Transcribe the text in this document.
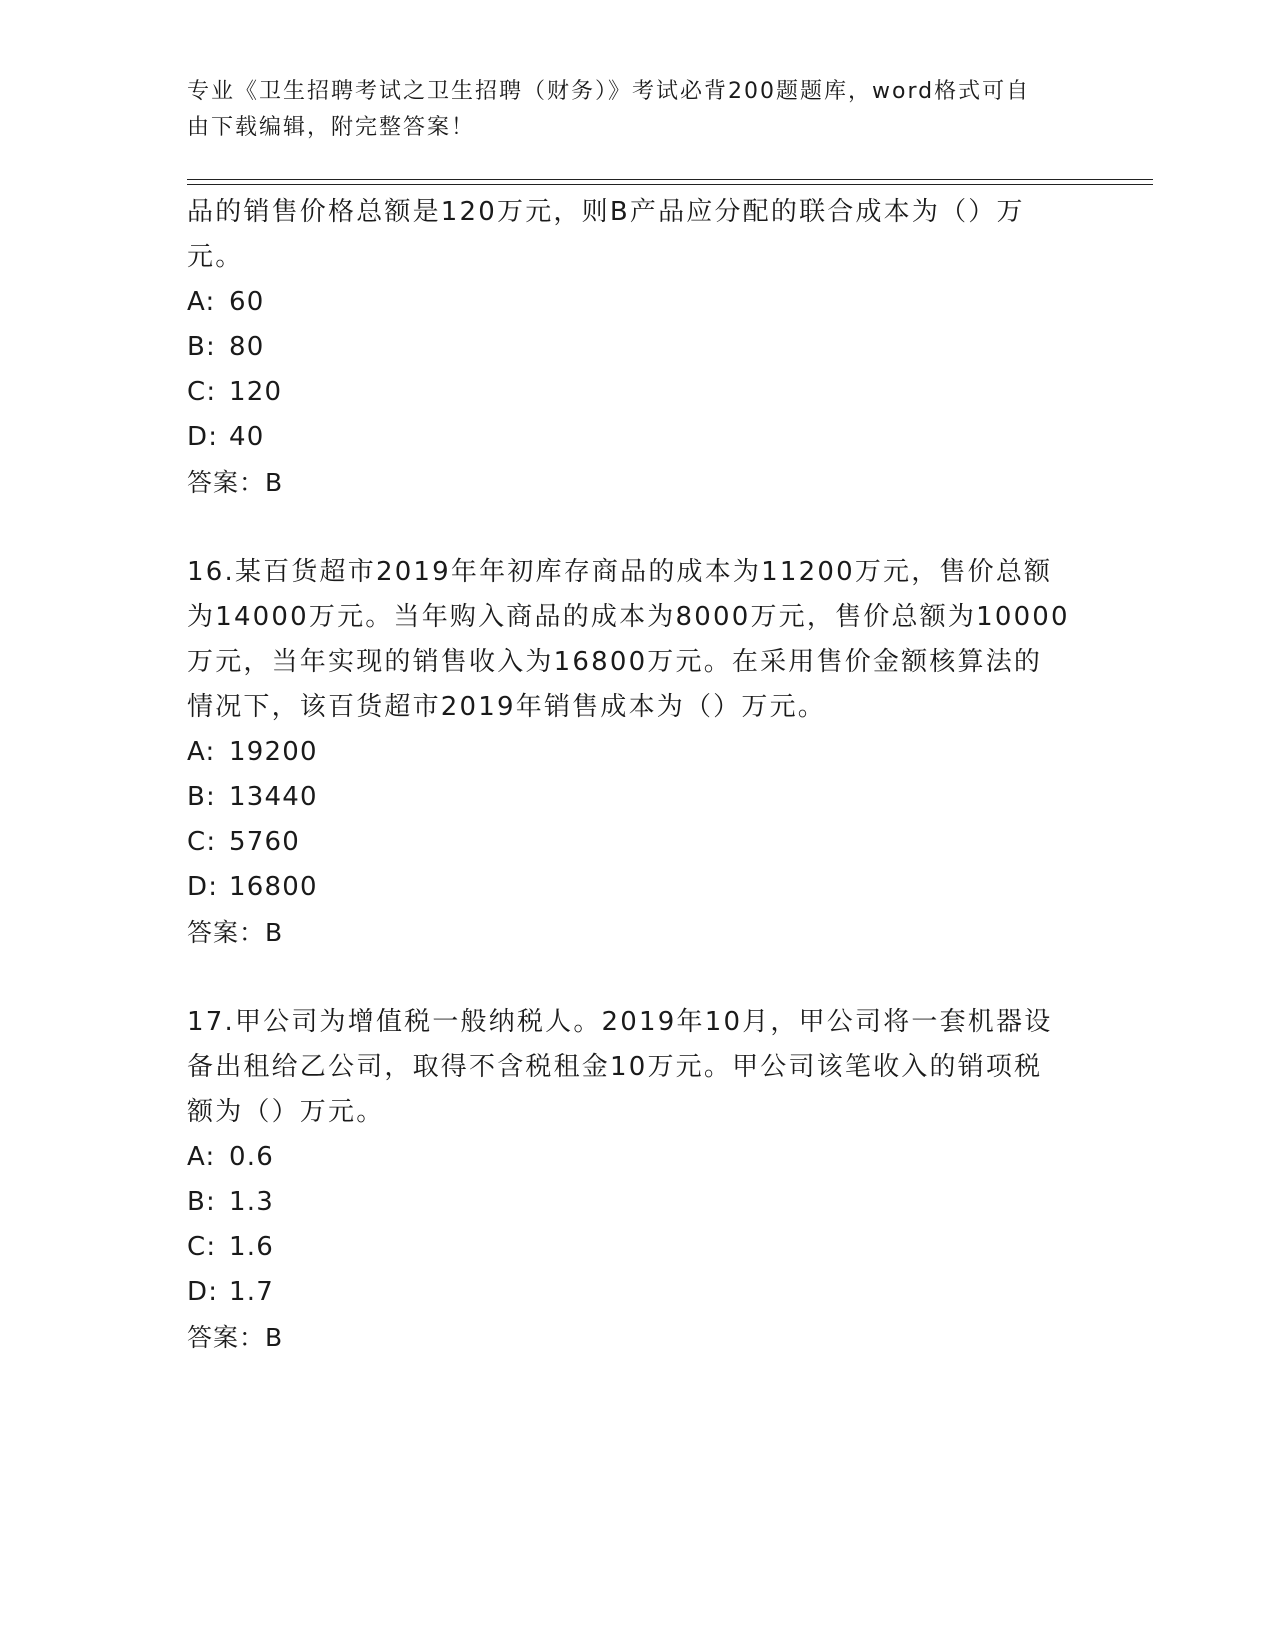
专业《卫生招聘考试之卫生招聘（财务）》考试必背200题题库，word格式可自
由下载编辑，附完整答案！
品的销售价格总额是120万元，则B产品应分配的联合成本为（）万
元。
A: 60
B: 80
C: 120
D: 40
答案：B
16.某百货超市2019年年初库存商品的成本为11200万元，售价总额
为14000万元。当年购入商品的成本为8000万元，售价总额为10000
万元，当年实现的销售收入为16800万元。在采用售价金额核算法的
情况下，该百货超市2019年销售成本为（）万元。
A: 19200
B: 13440
C: 5760
D: 16800
答案：B
17.甲公司为增值税一般纳税人。2019年10月，甲公司将一套机器设
备出租给乙公司，取得不含税租金10万元。甲公司该笔收入的销项税
额为（）万元。
A: 0.6
B: 1.3
C: 1.6
D: 1.7
答案：B
